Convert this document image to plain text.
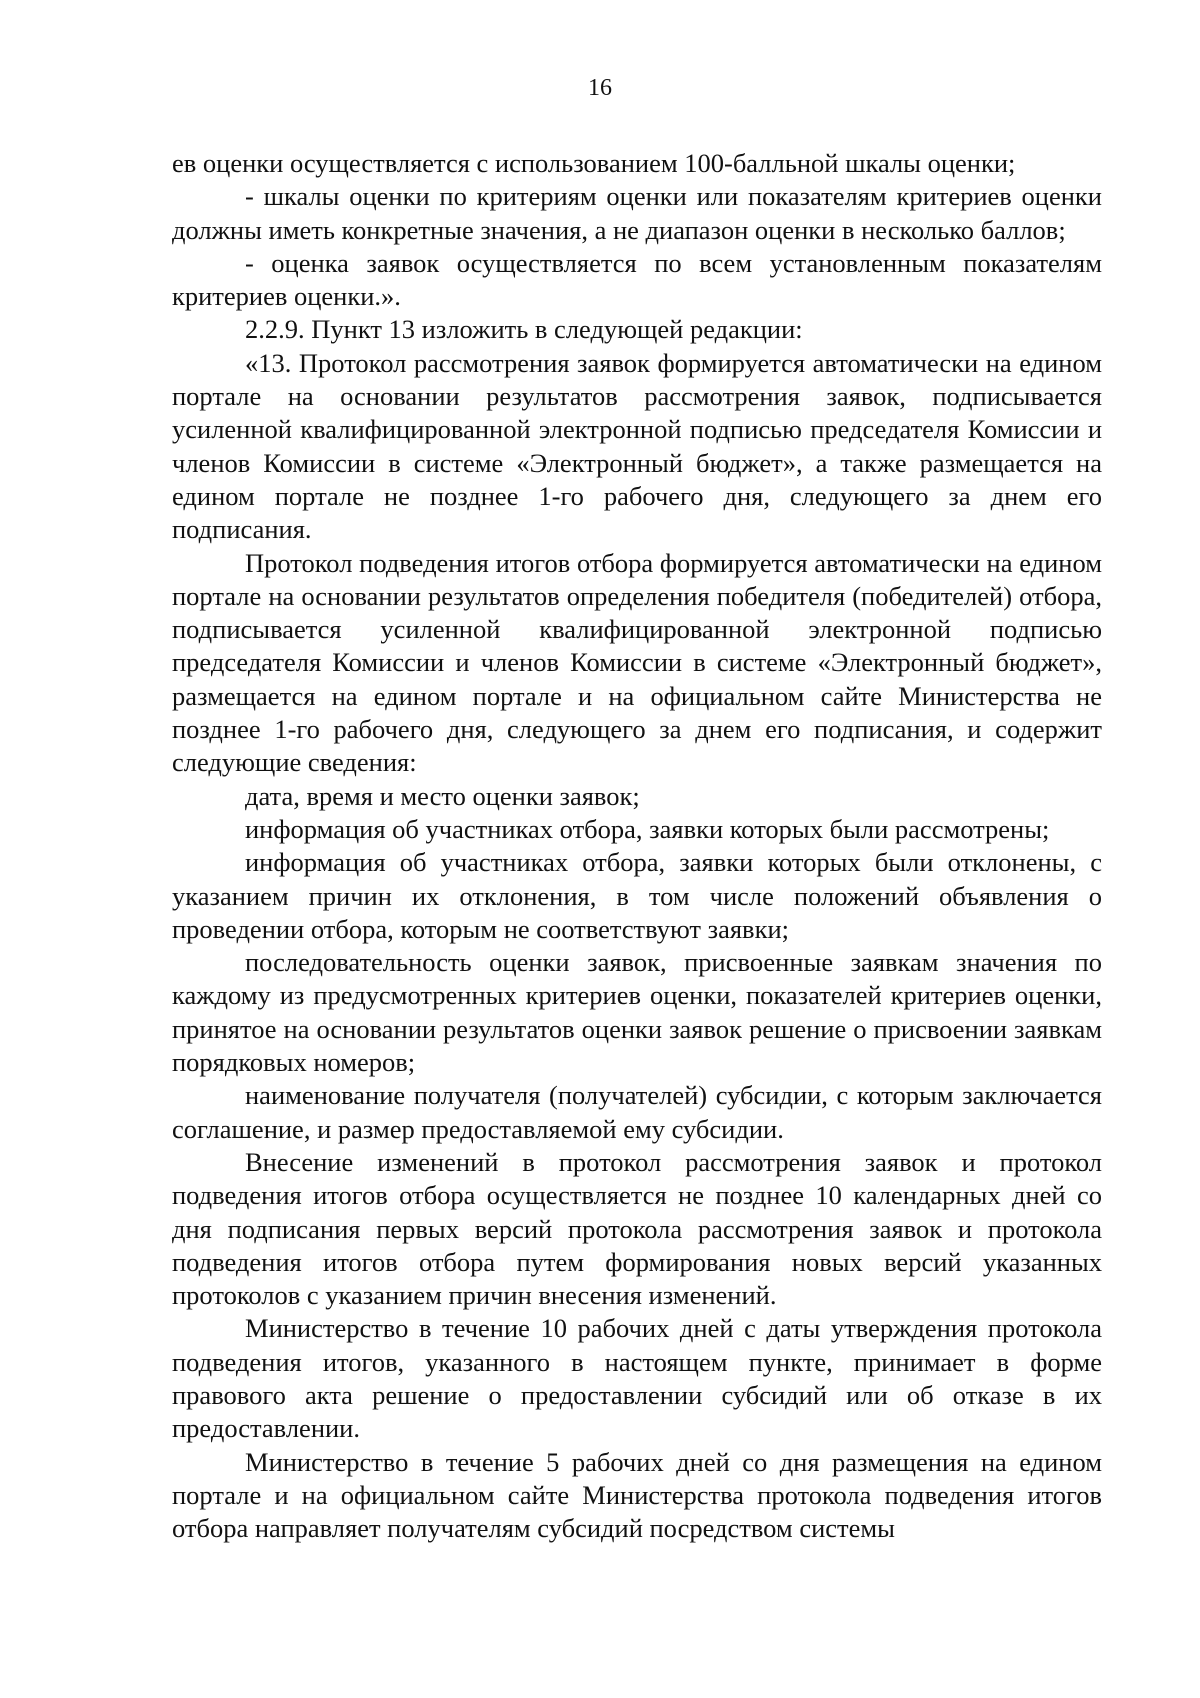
16

ев оценки осуществляется с использованием 100-балльной шкалы оценки;

- шкалы оценки по критериям оценки или показателям критериев оценки должны иметь конкретные значения, а не диапазон оценки в несколько баллов;

- оценка заявок осуществляется по всем установленным показателям критериев оценки.».

2.2.9. Пункт 13 изложить в следующей редакции:

«13. Протокол рассмотрения заявок формируется автоматически на едином портале на основании результатов рассмотрения заявок, подписывается усиленной квалифицированной электронной подписью председателя Комиссии и членов Комиссии в системе «Электронный бюджет», а также размещается на едином портале не позднее 1-го рабочего дня, следующего за днем его подписания.

Протокол подведения итогов отбора формируется автоматически на едином портале на основании результатов определения победителя (победителей) отбора, подписывается усиленной квалифицированной электронной подписью председателя Комиссии и членов Комиссии в системе «Электронный бюджет», размещается на едином портале и на официальном сайте Министерства не позднее 1-го рабочего дня, следующего за днем его подписания, и содержит следующие сведения:

дата, время и место оценки заявок;

информация об участниках отбора, заявки которых были рассмотрены;

информация об участниках отбора, заявки которых были отклонены, с указанием причин их отклонения, в том числе положений объявления о проведении отбора, которым не соответствуют заявки;

последовательность оценки заявок, присвоенные заявкам значения по каждому из предусмотренных критериев оценки, показателей критериев оценки, принятое на основании результатов оценки заявок решение о присвоении заявкам порядковых номеров;

наименование получателя (получателей) субсидии, с которым заключается соглашение, и размер предоставляемой ему субсидии.

Внесение изменений в протокол рассмотрения заявок и протокол подведения итогов отбора осуществляется не позднее 10 календарных дней со дня подписания первых версий протокола рассмотрения заявок и протокола подведения итогов отбора путем формирования новых версий указанных протоколов с указанием причин внесения изменений.

Министерство в течение 10 рабочих дней с даты утверждения протокола подведения итогов, указанного в настоящем пункте, принимает в форме правового акта решение о предоставлении субсидий или об отказе в их предоставлении.

Министерство в течение 5 рабочих дней со дня размещения на едином портале и на официальном сайте Министерства протокола подведения итогов отбора направляет получателям субсидий посредством системы
